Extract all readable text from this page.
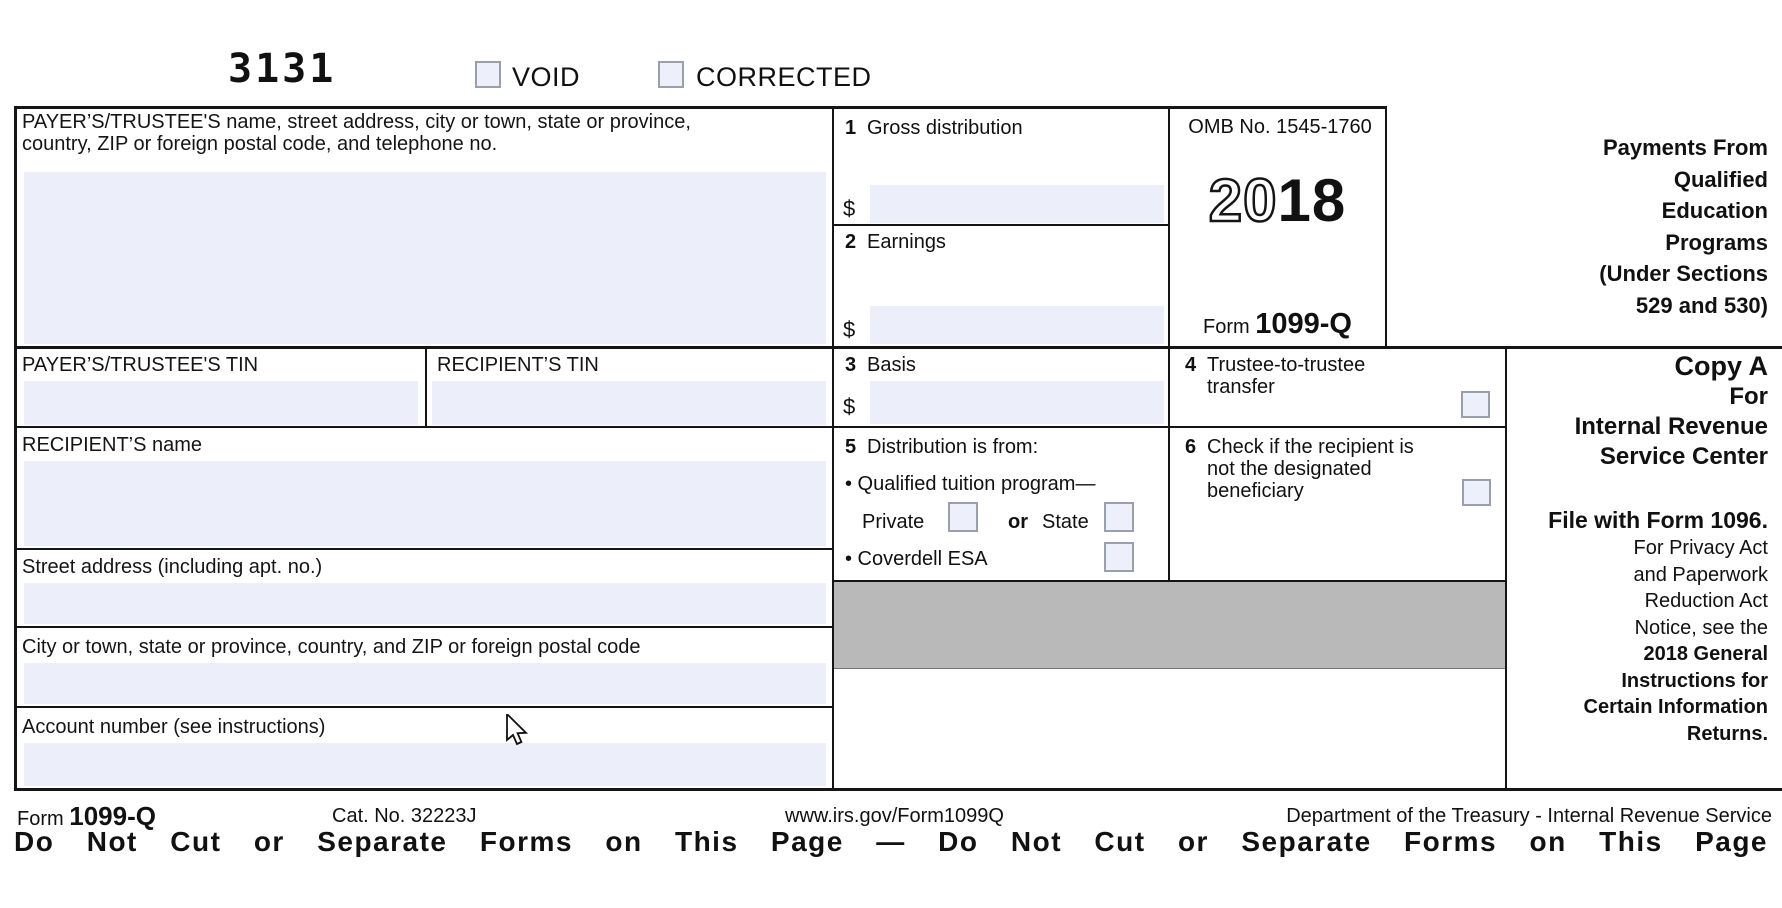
3131	VOID	CORRECTED
PAYER’S/TRUSTEE'S name, street address, city or town, state or province, country, ZIP or foreign postal code, and telephone no.
PAYER’S/TRUSTEE'S TIN	RECIPIENT’S TIN
RECIPIENT’S name
Street address (including apt. no.)
City or town, state or province, country, and ZIP or foreign postal code
Account number (see instructions)
1 Gross distribution
$
2 Earnings
$
3 Basis
$
4 Trustee-to-trustee transfer
5 Distribution is from:
• Qualified tuition program—
Private	or State
• Coverdell ESA
6 Check if the recipient is not the designated beneficiary
OMB No. 1545-1760
2018
Form 1099-Q
Payments From
Qualified
Education
Programs
(Under Sections
529 and 530)
Copy A
For
Internal Revenue
Service Center
File with Form 1096.
For Privacy Act
and Paperwork
Reduction Act
Notice, see the
2018 General
Instructions for
Certain Information
Returns.
Form 1099-Q	Cat. No. 32223J	www.irs.gov/Form1099Q	Department of the Treasury - Internal Revenue Service
Do Not Cut or Separate Forms on This Page — Do Not Cut or Separate Forms on This Page
